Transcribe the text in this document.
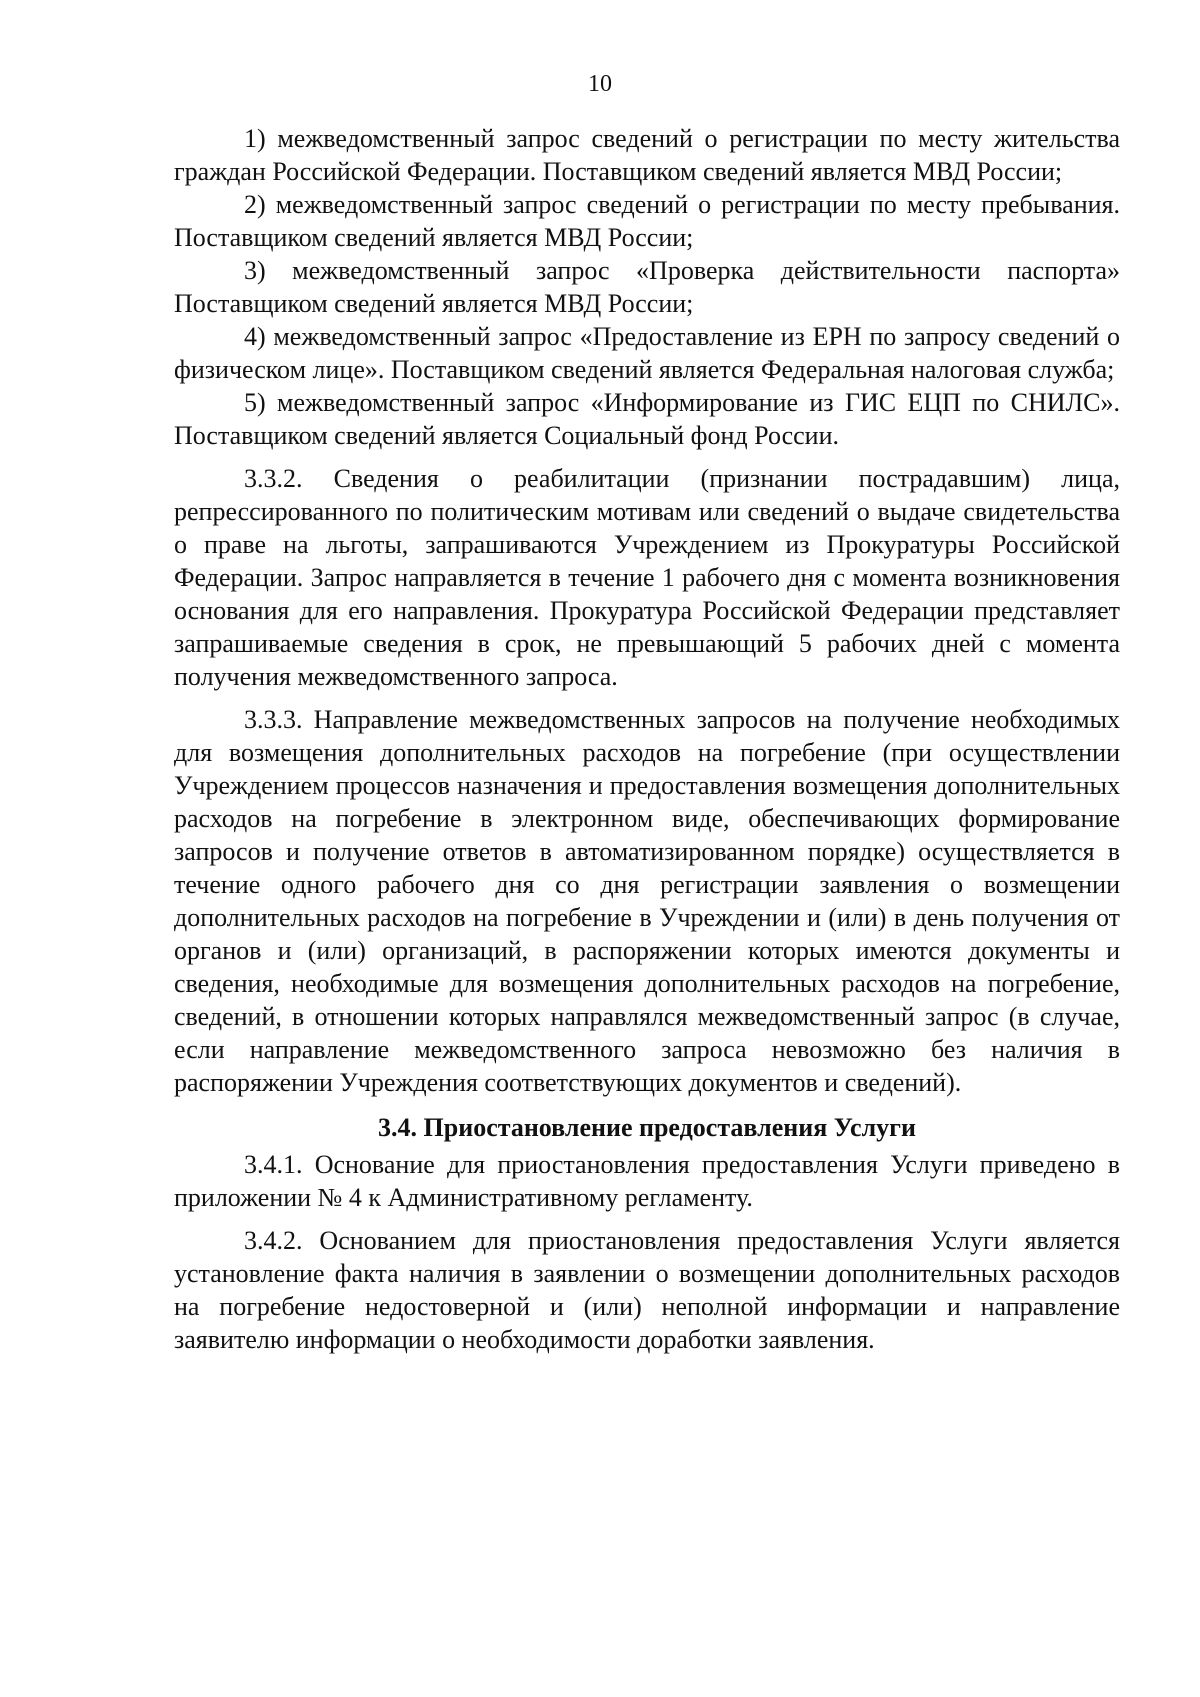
10

1) межведомственный запрос сведений о регистрации по месту жительства граждан Российской Федерации. Поставщиком сведений является МВД России;

2) межведомственный запрос сведений о регистрации по месту пребывания. Поставщиком сведений является МВД России;

3) межведомственный запрос «Проверка действительности паспорта» Поставщиком сведений является МВД России;

4) межведомственный запрос «Предоставление из ЕРН по запросу сведений о физическом лице». Поставщиком сведений является Федеральная налоговая служба;

5) межведомственный запрос «Информирование из ГИС ЕЦП по СНИЛС». Поставщиком сведений является Социальный фонд России.

3.3.2. Сведения о реабилитации (признании пострадавшим) лица, репрессированного по политическим мотивам или сведений о выдаче свидетельства о праве на льготы, запрашиваются Учреждением из Прокуратуры Российской Федерации. Запрос направляется в течение 1 рабочего дня с момента возникновения основания для его направления. Прокуратура Российской Федерации представляет запрашиваемые сведения в срок, не превышающий 5 рабочих дней с момента получения межведомственного запроса.

3.3.3. Направление межведомственных запросов на получение необходимых для возмещения дополнительных расходов на погребение (при осуществлении Учреждением процессов назначения и предоставления возмещения дополнительных расходов на погребение в электронном виде, обеспечивающих формирование запросов и получение ответов в автоматизированном порядке) осуществляется в течение одного рабочего дня со дня регистрации заявления о возмещении дополнительных расходов на погребение в Учреждении и (или) в день получения от органов и (или) организаций, в распоряжении которых имеются документы и сведения, необходимые для возмещения дополнительных расходов на погребение, сведений, в отношении которых направлялся межведомственный запрос (в случае, если направление межведомственного запроса невозможно без наличия в распоряжении Учреждения соответствующих документов и сведений).

3.4. Приостановление предоставления Услуги

3.4.1. Основание для приостановления предоставления Услуги приведено в приложении № 4 к Административному регламенту.

3.4.2. Основанием для приостановления предоставления Услуги является установление факта наличия в заявлении о возмещении дополнительных расходов на погребение недостоверной и (или) неполной информации и направление заявителю информации о необходимости доработки заявления.
